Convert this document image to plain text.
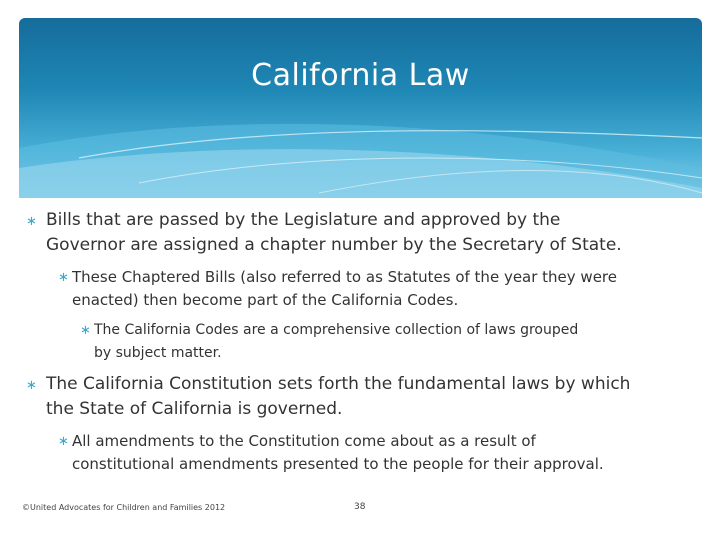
California Law
∗ Bills that are passed by the Legislature and approved by the
Governor are assigned a chapter number by the Secretary of State.
∗ These Chaptered Bills (also referred to as Statutes of the year they were
enacted) then become part of the California Codes.
∗ The California Codes are a comprehensive collection of laws grouped
by subject matter.
∗ The California Constitution sets forth the fundamental laws by which
the State of California is governed.
∗ All amendments to the Constitution come about as a result of
constitutional amendments presented to the people for their approval.
©United Advocates for Children and Families 2012	38
